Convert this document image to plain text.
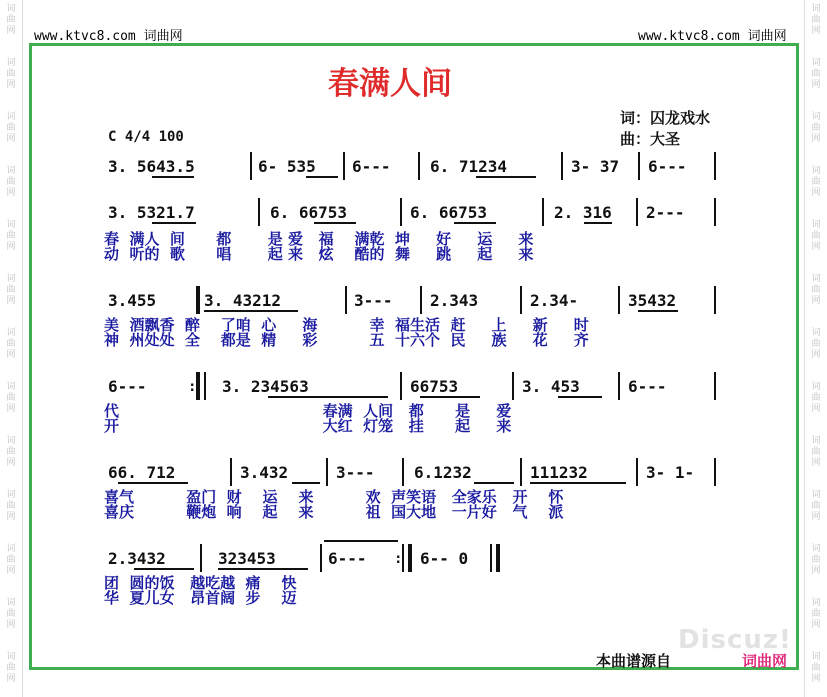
词曲网
词曲网
词曲网
词曲网
词曲网
词曲网
词曲网
词曲网
词曲网
词曲网
词曲网
词曲网
词曲网
词曲网
词曲网
词曲网
词曲网
词曲网
词曲网
词曲网
词曲网
词曲网
词曲网
词曲网
词曲网
词曲网
www.ktvc8.com 词曲网	www.ktvc8.com 词曲网
春满人间
词：囚龙戏水
曲：大圣
C 4/4 100
3. 5643.5	6- 535 6--- 6. 71234	3- 37 6---
3. 5321.7	6. 66753	6. 66753	2. 316 2---
春  满人  间      都       是 爱   福    满乾  坤     好     运     来
动  听的  歌      唱       起 来   炫    酷的  舞     跳     起     来
3.455	3. 43212	3--- 2.343	2.34-	35432
美  酒飘香  醉    了咱  心     海          幸  福生活  赶     上     新     时
神  州处处  全    都是  精     彩          五  十六个  民     族     花     齐
6---	: 3. 234563	66753	3. 453	6---
代                                       春满  人间   都      是     爱
开                                       大红  灯笼   挂      起     来
66. 712	3.432	3--- 6.1232	111232	3- 1-
喜气          盈门  财    运    来          欢  声笑语   全家乐   开    怀
喜庆          鞭炮  响    起    来          祖  国大地   一片好   气    派
2.3432	323453	6--- : 6-- 0
团  圆的饭   越吃越  痛    快
华  夏儿女   昂首阔  步    迈
Discuz!
本曲谱源自	词曲网
